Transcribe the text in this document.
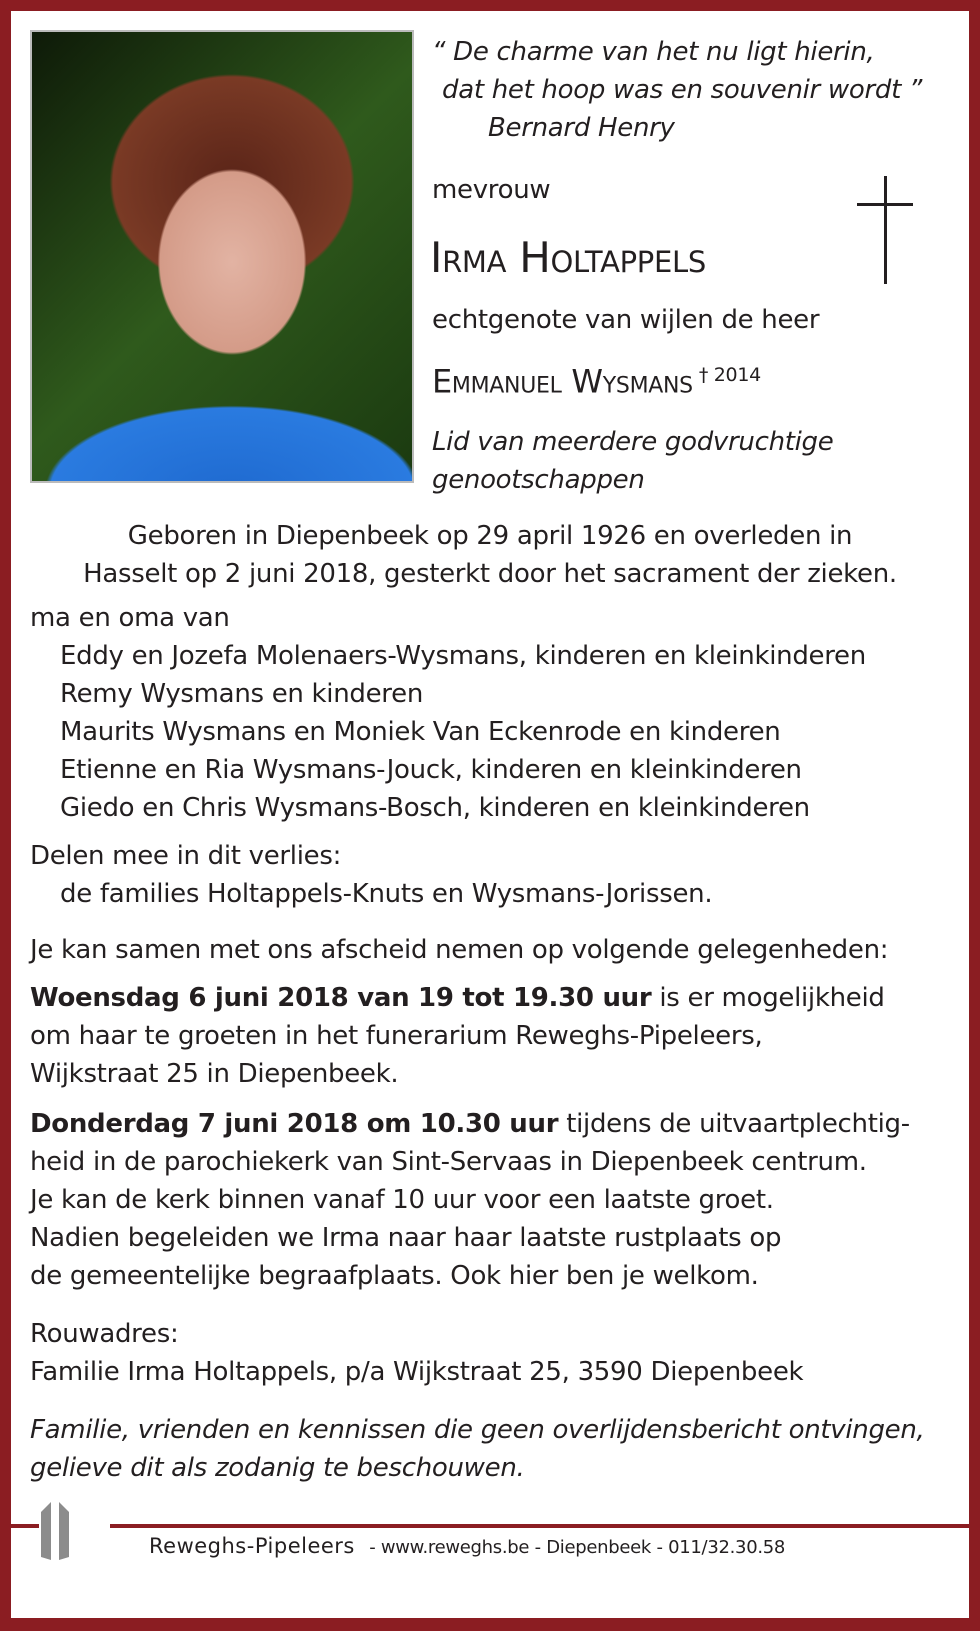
“ De charme van het nu ligt hierin,
dat het hoop was en souvenir wordt ”
Bernard Henry
mevrouw
Irma Holtappels
echtgenote van wijlen de heer
Emmanuel Wysmans $^{\dagger 2014}$
Lid van meerdere godvruchtige
genootschappen
Geboren in Diepenbeek op 29 april 1926 en overleden in
Hasselt op 2 juni 2018, gesterkt door het sacrament der zieken.
ma en oma van
Eddy en Jozefa Molenaers-Wysmans, kinderen en kleinkinderen
Remy Wysmans en kinderen
Maurits Wysmans en Moniek Van Eckenrode en kinderen
Etienne en Ria Wysmans-Jouck, kinderen en kleinkinderen
Giedo en Chris Wysmans-Bosch, kinderen en kleinkinderen
Delen mee in dit verlies:
de families Holtappels-Knuts en Wysmans-Jorissen.
Je kan samen met ons afscheid nemen op volgende gelegenheden:
Woensdag 6 juni 2018 van 19 tot 19.30 uur is er mogelijkheid
om haar te groeten in het funerarium Reweghs-Pipeleers,
Wijkstraat 25 in Diepenbeek.
Donderdag 7 juni 2018 om 10.30 uur tijdens de uitvaartplechtig-
heid in de parochiekerk van Sint-Servaas in Diepenbeek centrum.
Je kan de kerk binnen vanaf 10 uur voor een laatste groet.
Nadien begeleiden we Irma naar haar laatste rustplaats op
de gemeentelijke begraafplaats. Ook hier ben je welkom.
Rouwadres:
Familie Irma Holtappels, p/a Wijkstraat 25, 3590 Diepenbeek
Familie, vrienden en kennissen die geen overlijdensbericht ontvingen,
gelieve dit als zodanig te beschouwen.
Reweghs-Pipeleers - www.reweghs.be - Diepenbeek - 011/32.30.58
